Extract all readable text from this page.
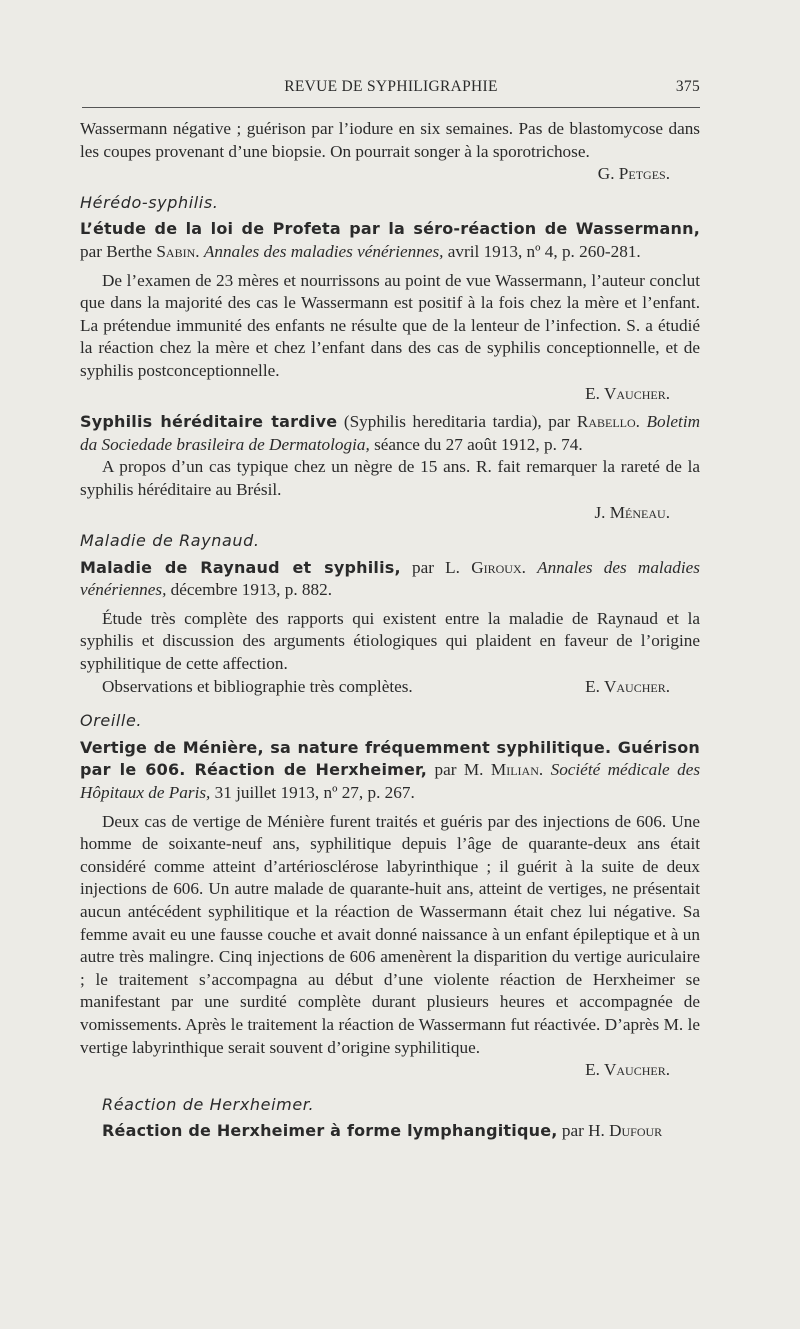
REVUE DE SYPHILIGRAPHIE	375

Wassermann négative ; guérison par l’iodure en six semaines. Pas de blastomycose dans les coupes provenant d’une biopsie. On pourrait songer à la sporotrichose.

G. Petges.
Hérédo-syphilis.

L’étude de la loi de Profeta par la séro-réaction de Wassermann, par Berthe Sabin. Annales des maladies vénériennes, avril 1913, nº 4, p. 260-281.

De l’examen de 23 mères et nourrissons au point de vue Wassermann, l’auteur conclut que dans la majorité des cas le Wassermann est positif à la fois chez la mère et l’enfant. La prétendue immunité des enfants ne résulte que de la lenteur de l’infection. S. a étudié la réaction chez la mère et chez l’enfant dans des cas de syphilis conceptionnelle, et de syphilis postconceptionnelle.

E. Vaucher.

Syphilis héréditaire tardive (Syphilis hereditaria tardia), par Rabello. Boletim da Sociedade brasileira de Dermatologia, séance du 27 août 1912, p. 74.

A propos d’un cas typique chez un nègre de 15 ans. R. fait remarquer la rareté de la syphilis héréditaire au Brésil.

J. Méneau.
Maladie de Raynaud.

Maladie de Raynaud et syphilis, par L. Giroux. Annales des maladies vénériennes, décembre 1913, p. 882.

Étude très complète des rapports qui existent entre la maladie de Raynaud et la syphilis et discussion des arguments étiologiques qui plaident en faveur de l’origine syphilitique de cette affection.

Observations et bibliographie très complètes.	E. Vaucher.
Oreille.

Vertige de Ménière, sa nature fréquemment syphilitique. Guérison par le 606. Réaction de Herxheimer, par M. Milian. Société médicale des Hôpitaux de Paris, 31 juillet 1913, nº 27, p. 267.

Deux cas de vertige de Ménière furent traités et guéris par des injections de 606. Une homme de soixante-neuf ans, syphilitique depuis l’âge de quarante-deux ans était considéré comme atteint d’artériosclérose labyrinthique ; il guérit à la suite de deux injections de 606. Un autre malade de quarante-huit ans, atteint de vertiges, ne présentait aucun antécédent syphilitique et la réaction de Wassermann était chez lui négative. Sa femme avait eu une fausse couche et avait donné naissance à un enfant épileptique et à un autre très malingre. Cinq injections de 606 amenèrent la disparition du vertige auriculaire ; le traitement s’accompagna au début d’une violente réaction de Herxheimer se manifestant par une surdité complète durant plusieurs heures et accompagnée de vomissements. Après le traitement la réaction de Wassermann fut réactivée. D’après M. le vertige labyrinthique serait souvent d’origine syphilitique.

E. Vaucher.
Réaction de Herxheimer.

Réaction de Herxheimer à forme lymphangitique, par H. Dufour
